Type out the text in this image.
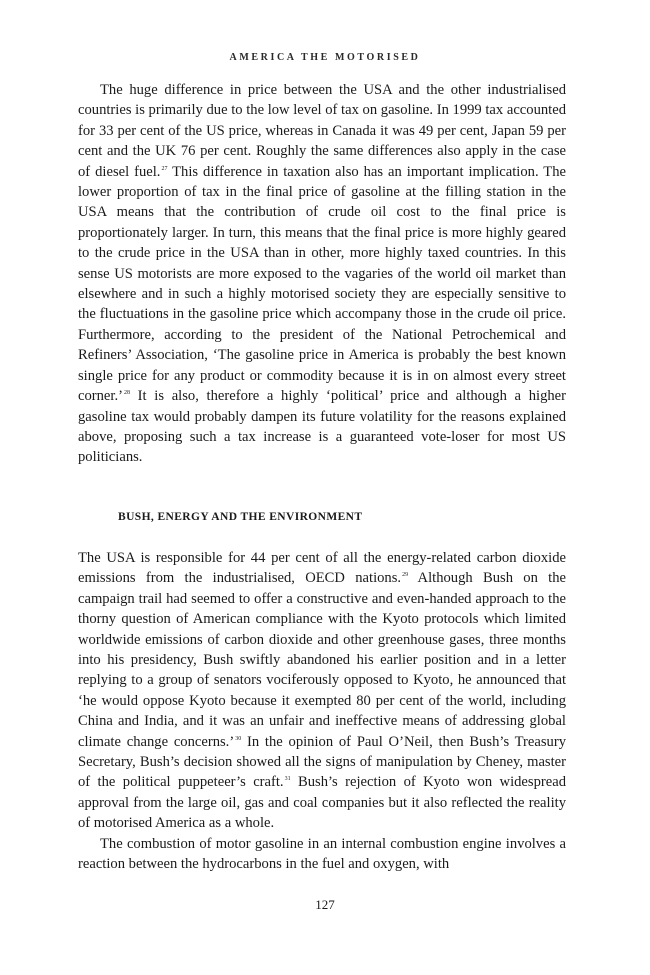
AMERICA THE MOTORISED

The huge difference in price between the USA and the other industrialised countries is primarily due to the low level of tax on gasoline. In 1999 tax accounted for 33 per cent of the US price, whereas in Canada it was 49 per cent, Japan 59 per cent and the UK 76 per cent. Roughly the same differences also apply in the case of diesel fuel.$^{27}$ This difference in taxation also has an important implication. The lower proportion of tax in the final price of gasoline at the filling station in the USA means that the contribution of crude oil cost to the final price is proportionately larger. In turn, this means that the final price is more highly geared to the crude price in the USA than in other, more highly taxed countries. In this sense US motorists are more exposed to the vagaries of the world oil market than elsewhere and in such a highly motorised society they are especially sensitive to the fluctuations in the gasoline price which accompany those in the crude oil price. Furthermore, according to the president of the National Petrochemical and Refiners’ Association, ‘The gasoline price in America is probably the best known single price for any product or commodity because it is in on almost every street corner.’$^{28}$ It is also, therefore a highly ‘political’ price and although a higher gasoline tax would probably dampen its future volatility for the reasons explained above, proposing such a tax increase is a guaranteed vote-loser for most US politicians.

BUSH, ENERGY AND THE ENVIRONMENT

The USA is responsible for 44 per cent of all the energy-related carbon dioxide emissions from the industrialised, OECD nations.$^{29}$ Although Bush on the campaign trail had seemed to offer a constructive and even-handed approach to the thorny question of American compliance with the Kyoto protocols which limited worldwide emissions of carbon dioxide and other greenhouse gases, three months into his presidency, Bush swiftly abandoned his earlier position and in a letter replying to a group of senators vociferously opposed to Kyoto, he announced that ‘he would oppose Kyoto because it exempted 80 per cent of the world, including China and India, and it was an unfair and ineffective means of addressing global climate change concerns.’$^{30}$ In the opinion of Paul O’Neil, then Bush’s Treasury Secretary, Bush’s decision showed all the signs of manipulation by Cheney, master of the political puppeteer’s craft.$^{31}$ Bush’s rejection of Kyoto won widespread approval from the large oil, gas and coal companies but it also reflected the reality of motorised America as a whole.

The combustion of motor gasoline in an internal combustion engine involves a reaction between the hydrocarbons in the fuel and oxygen, with

127
